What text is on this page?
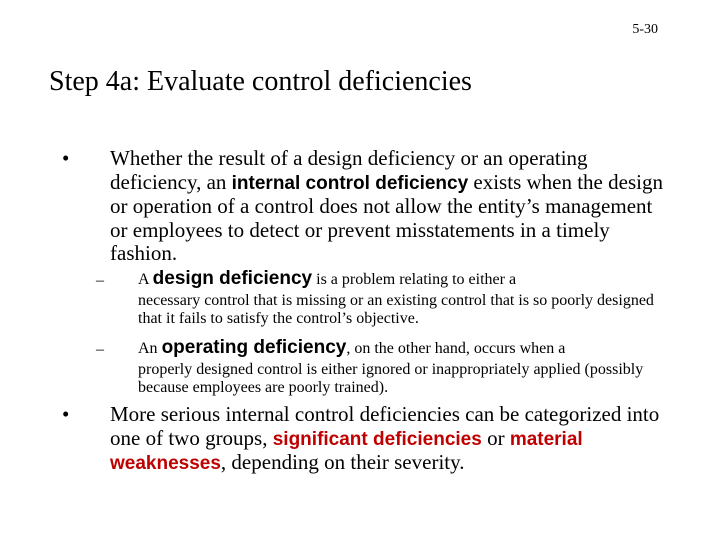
5-30
Step 4a: Evaluate control deficiencies
• Whether the result of a design deficiency or an operating deficiency, an internal control deficiency exists when the design or operation of a control does not allow the entity’s management or employees to detect or prevent misstatements in a timely fashion.
– A design deficiency is a problem relating to either a
necessary control that is missing or an existing control that is so poorly designed that it fails to satisfy the control’s objective.
– An operating deficiency, on the other hand, occurs when a
properly designed control is either ignored or inappropriately applied (possibly because employees are poorly trained).
• More serious internal control deficiencies can be categorized into one of two groups, significant deficiencies or material weaknesses, depending on their severity.
